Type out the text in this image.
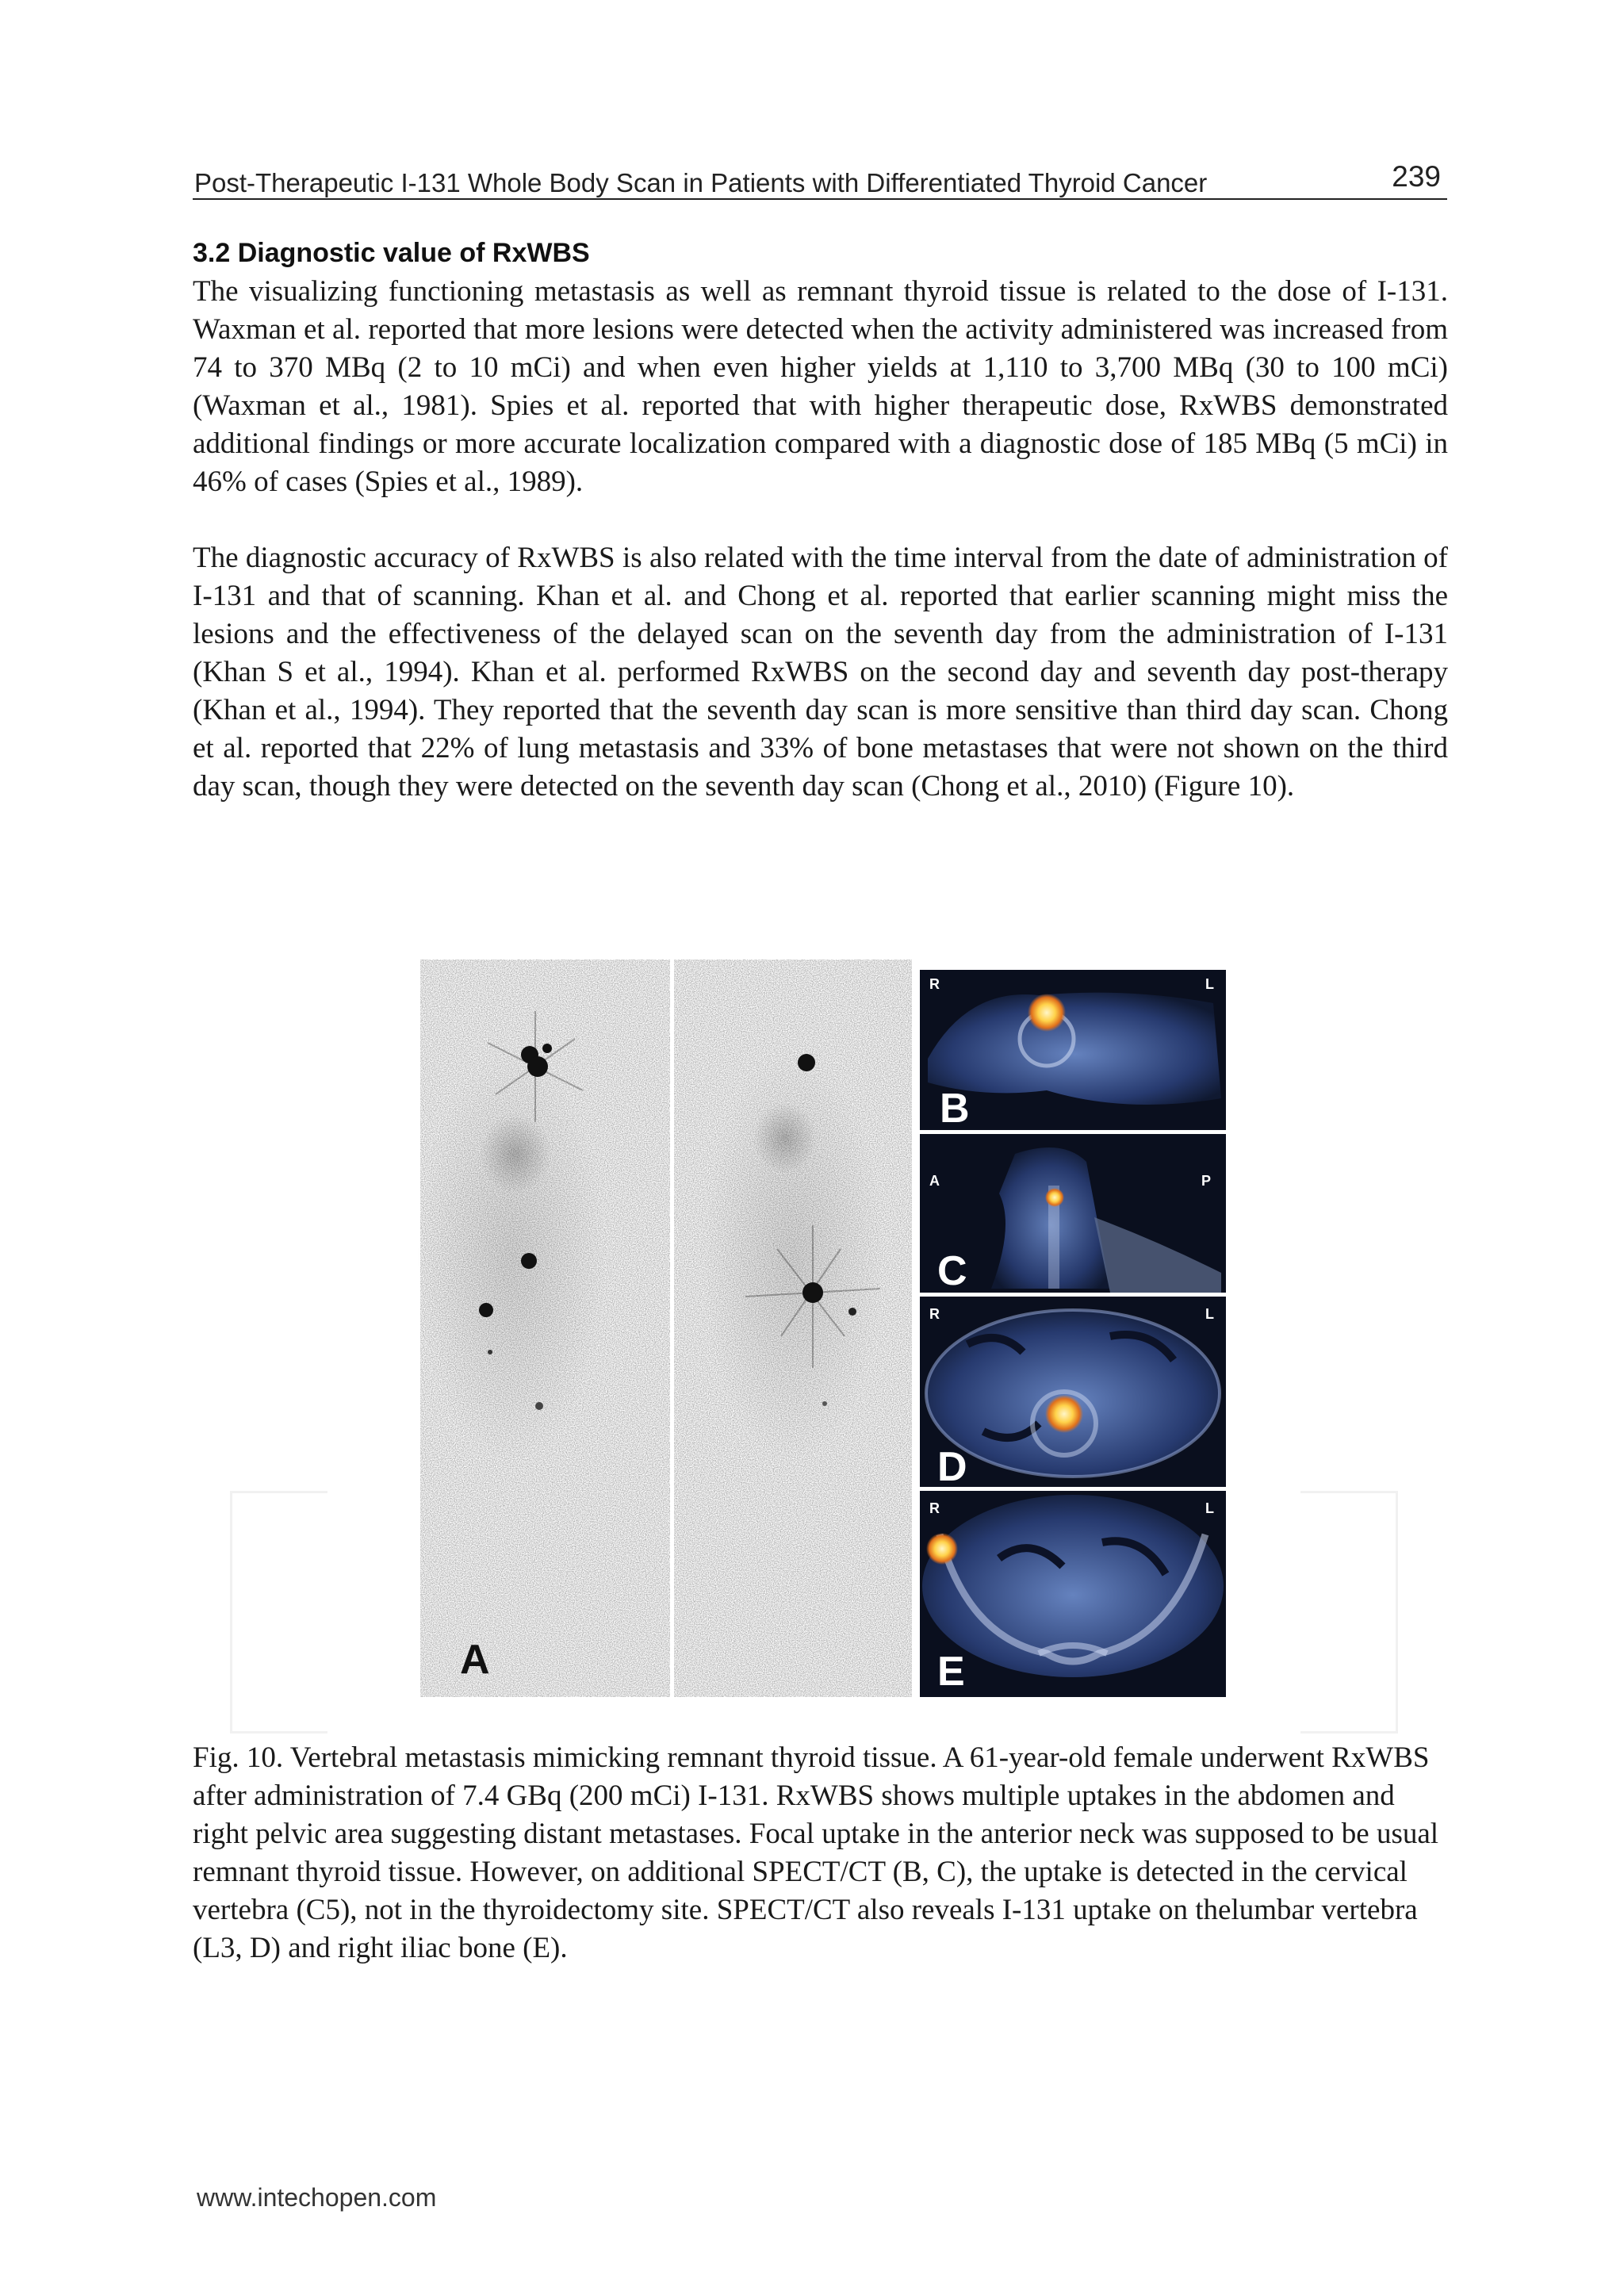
Post-Therapeutic I-131 Whole Body Scan in Patients with Differentiated Thyroid Cancer	239
3.2 Diagnostic value of RxWBS

The visualizing functioning metastasis as well as remnant thyroid tissue is related to the dose of I-131. Waxman et al. reported that more lesions were detected when the activity administered was increased from 74 to 370 MBq (2 to 10 mCi) and when even higher yields at 1,110 to 3,700 MBq (30 to 100 mCi) (Waxman et al., 1981). Spies et al. reported that with higher therapeutic dose, RxWBS demonstrated additional findings or more accurate localization compared with a diagnostic dose of 185 MBq (5 mCi) in 46% of cases (Spies et al., 1989).

The diagnostic accuracy of RxWBS is also related with the time interval from the date of administration of I-131 and that of scanning. Khan et al. and Chong et al. reported that earlier scanning might miss the lesions and the effectiveness of the delayed scan on the seventh day from the administration of I-131 (Khan S et al., 1994). Khan et al. performed RxWBS on the second day and seventh day post-therapy (Khan et al., 1994). They reported that the seventh day scan is more sensitive than third day scan. Chong et al. reported that 22% of lung metastasis and 33% of bone metastases that were not shown on the third day scan, though they were detected on the seventh day scan (Chong et al., 2010) (Figure 10).

A
R	L
B
A	P
C
R	L
D
R	L
E

Fig. 10. Vertebral metastasis mimicking remnant thyroid tissue. A 61-year-old female underwent RxWBS after administration of 7.4 GBq (200 mCi) I-131. RxWBS shows multiple uptakes in the abdomen and right pelvic area suggesting distant metastases. Focal uptake in the anterior neck was supposed to be usual remnant thyroid tissue. However, on additional SPECT/CT (B, C), the uptake is detected in the cervical vertebra (C5), not in the thyroidectomy site. SPECT/CT also reveals I-131 uptake on thelumbar vertebra (L3, D) and right iliac bone (E).

www.intechopen.com
